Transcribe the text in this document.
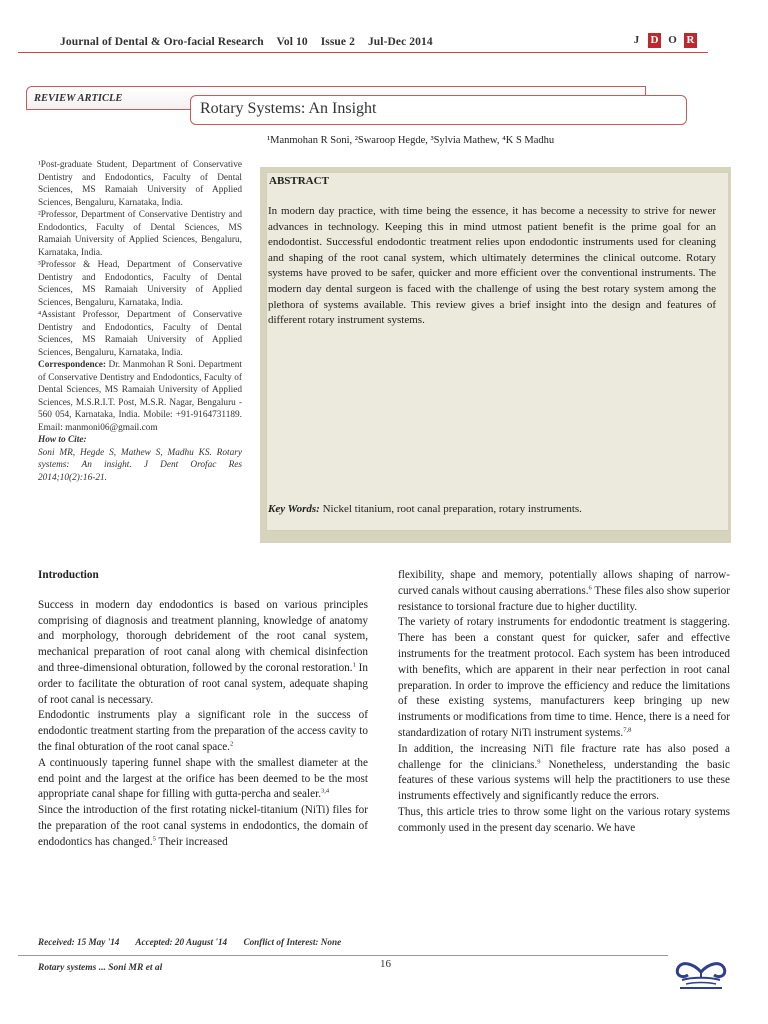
Journal of Dental & Oro-facial Research Vol 10 Issue 2 Jul-Dec 2014	J	D O R
REVIEW ARTICLE
Rotary Systems: An Insight
¹Manmohan R Soni, ²Swaroop Hegde, ³Sylvia Mathew, ⁴K S Madhu

¹Post-graduate Student, Department of Conservative Dentistry and Endodontics, Faculty of Dental Sciences, MS Ramaiah University of Applied Sciences, Bengaluru, Karnataka, India.

²Professor, Department of Conservative Dentistry and Endodontics, Faculty of Dental Sciences, MS Ramaiah University of Applied Sciences, Bengaluru, Karnataka, India.

³Professor & Head, Department of Conservative Dentistry and Endodontics, Faculty of Dental Sciences, MS Ramaiah University of Applied Sciences, Bengaluru, Karnataka, India.

⁴Assistant Professor, Department of Conservative Dentistry and Endodontics, Faculty of Dental Sciences, MS Ramaiah University of Applied Sciences, Bengaluru, Karnataka, India.

Correspondence: Dr. Manmohan R Soni. Department of Conservative Dentistry and Endodontics, Faculty of Dental Sciences, MS Ramaiah University of Applied Sciences, M.S.R.I.T. Post, M.S.R. Nagar, Bengaluru - 560 054, Karnataka, India. Mobile: +91-9164731189. Email: manmoni06@gmail.com

How to Cite:

Soni MR, Hegde S, Mathew S, Madhu KS. Rotary systems: An insight. J Dent Orofac Res 2014;10(2):16-21.

ABSTRACT
In modern day practice, with time being the essence, it has become a necessity to strive for newer advances in technology. Keeping this in mind utmost patient benefit is the prime goal for an endodontist. Successful endodontic treatment relies upon endodontic instruments used for cleaning and shaping of the root canal system, which ultimately determines the clinical outcome. Rotary systems have proved to be safer, quicker and more efficient over the conventional instruments. The modern day dental surgeon is faced with the challenge of using the best rotary system among the plethora of systems available. This review gives a brief insight into the design and features of different rotary instrument systems.
Key Words: Nickel titanium, root canal preparation, rotary instruments.

Introduction

Success in modern day endodontics is based on various principles comprising of diagnosis and treatment planning, knowledge of anatomy and morphology, thorough debridement of the root canal system, mechanical preparation of root canal along with chemical disinfection and three-dimensional obturation, followed by the coronal restoration.$^1$ In order to facilitate the obturation of root canal system, adequate shaping of root canal is necessary.

Endodontic instruments play a significant role in the success of endodontic treatment starting from the preparation of the access cavity to the final obturation of the root canal space.$^2$

A continuously tapering funnel shape with the smallest diameter at the end point and the largest at the orifice has been deemed to be the most appropriate canal shape for filling with gutta-percha and sealer.$^{3,4}$

Since the introduction of the first rotating nickel-titanium (NiTi) files for the preparation of the root canal systems in endodontics, the domain of endodontics has changed.$^5$ Their increased

flexibility, shape and memory, potentially allows shaping of narrow-curved canals without causing aberrations.$^6$ These files also show superior resistance to torsional fracture due to higher ductility.

The variety of rotary instruments for endodontic treatment is staggering. There has been a constant quest for quicker, safer and effective instruments for the treatment protocol. Each system has been introduced with benefits, which are apparent in their near perfection in root canal preparation. In order to improve the efficiency and reduce the limitations of these existing systems, manufacturers keep bringing up new instruments or modifications from time to time. Hence, there is a need for standardization of rotary NiTi instrument systems.$^{7,8}$

In addition, the increasing NiTi file fracture rate has also posed a challenge for the clinicians.$^9$ Nonetheless, understanding the basic features of these various systems will help the practitioners to use these instruments effectively and significantly reduce the errors.

Thus, this article tries to throw some light on the various rotary systems commonly used in the present day scenario. We have

Received: 15 May '14 Accepted: 20 August '14 Conflict of Interest: None
Rotary systems ... Soni MR et al	16
